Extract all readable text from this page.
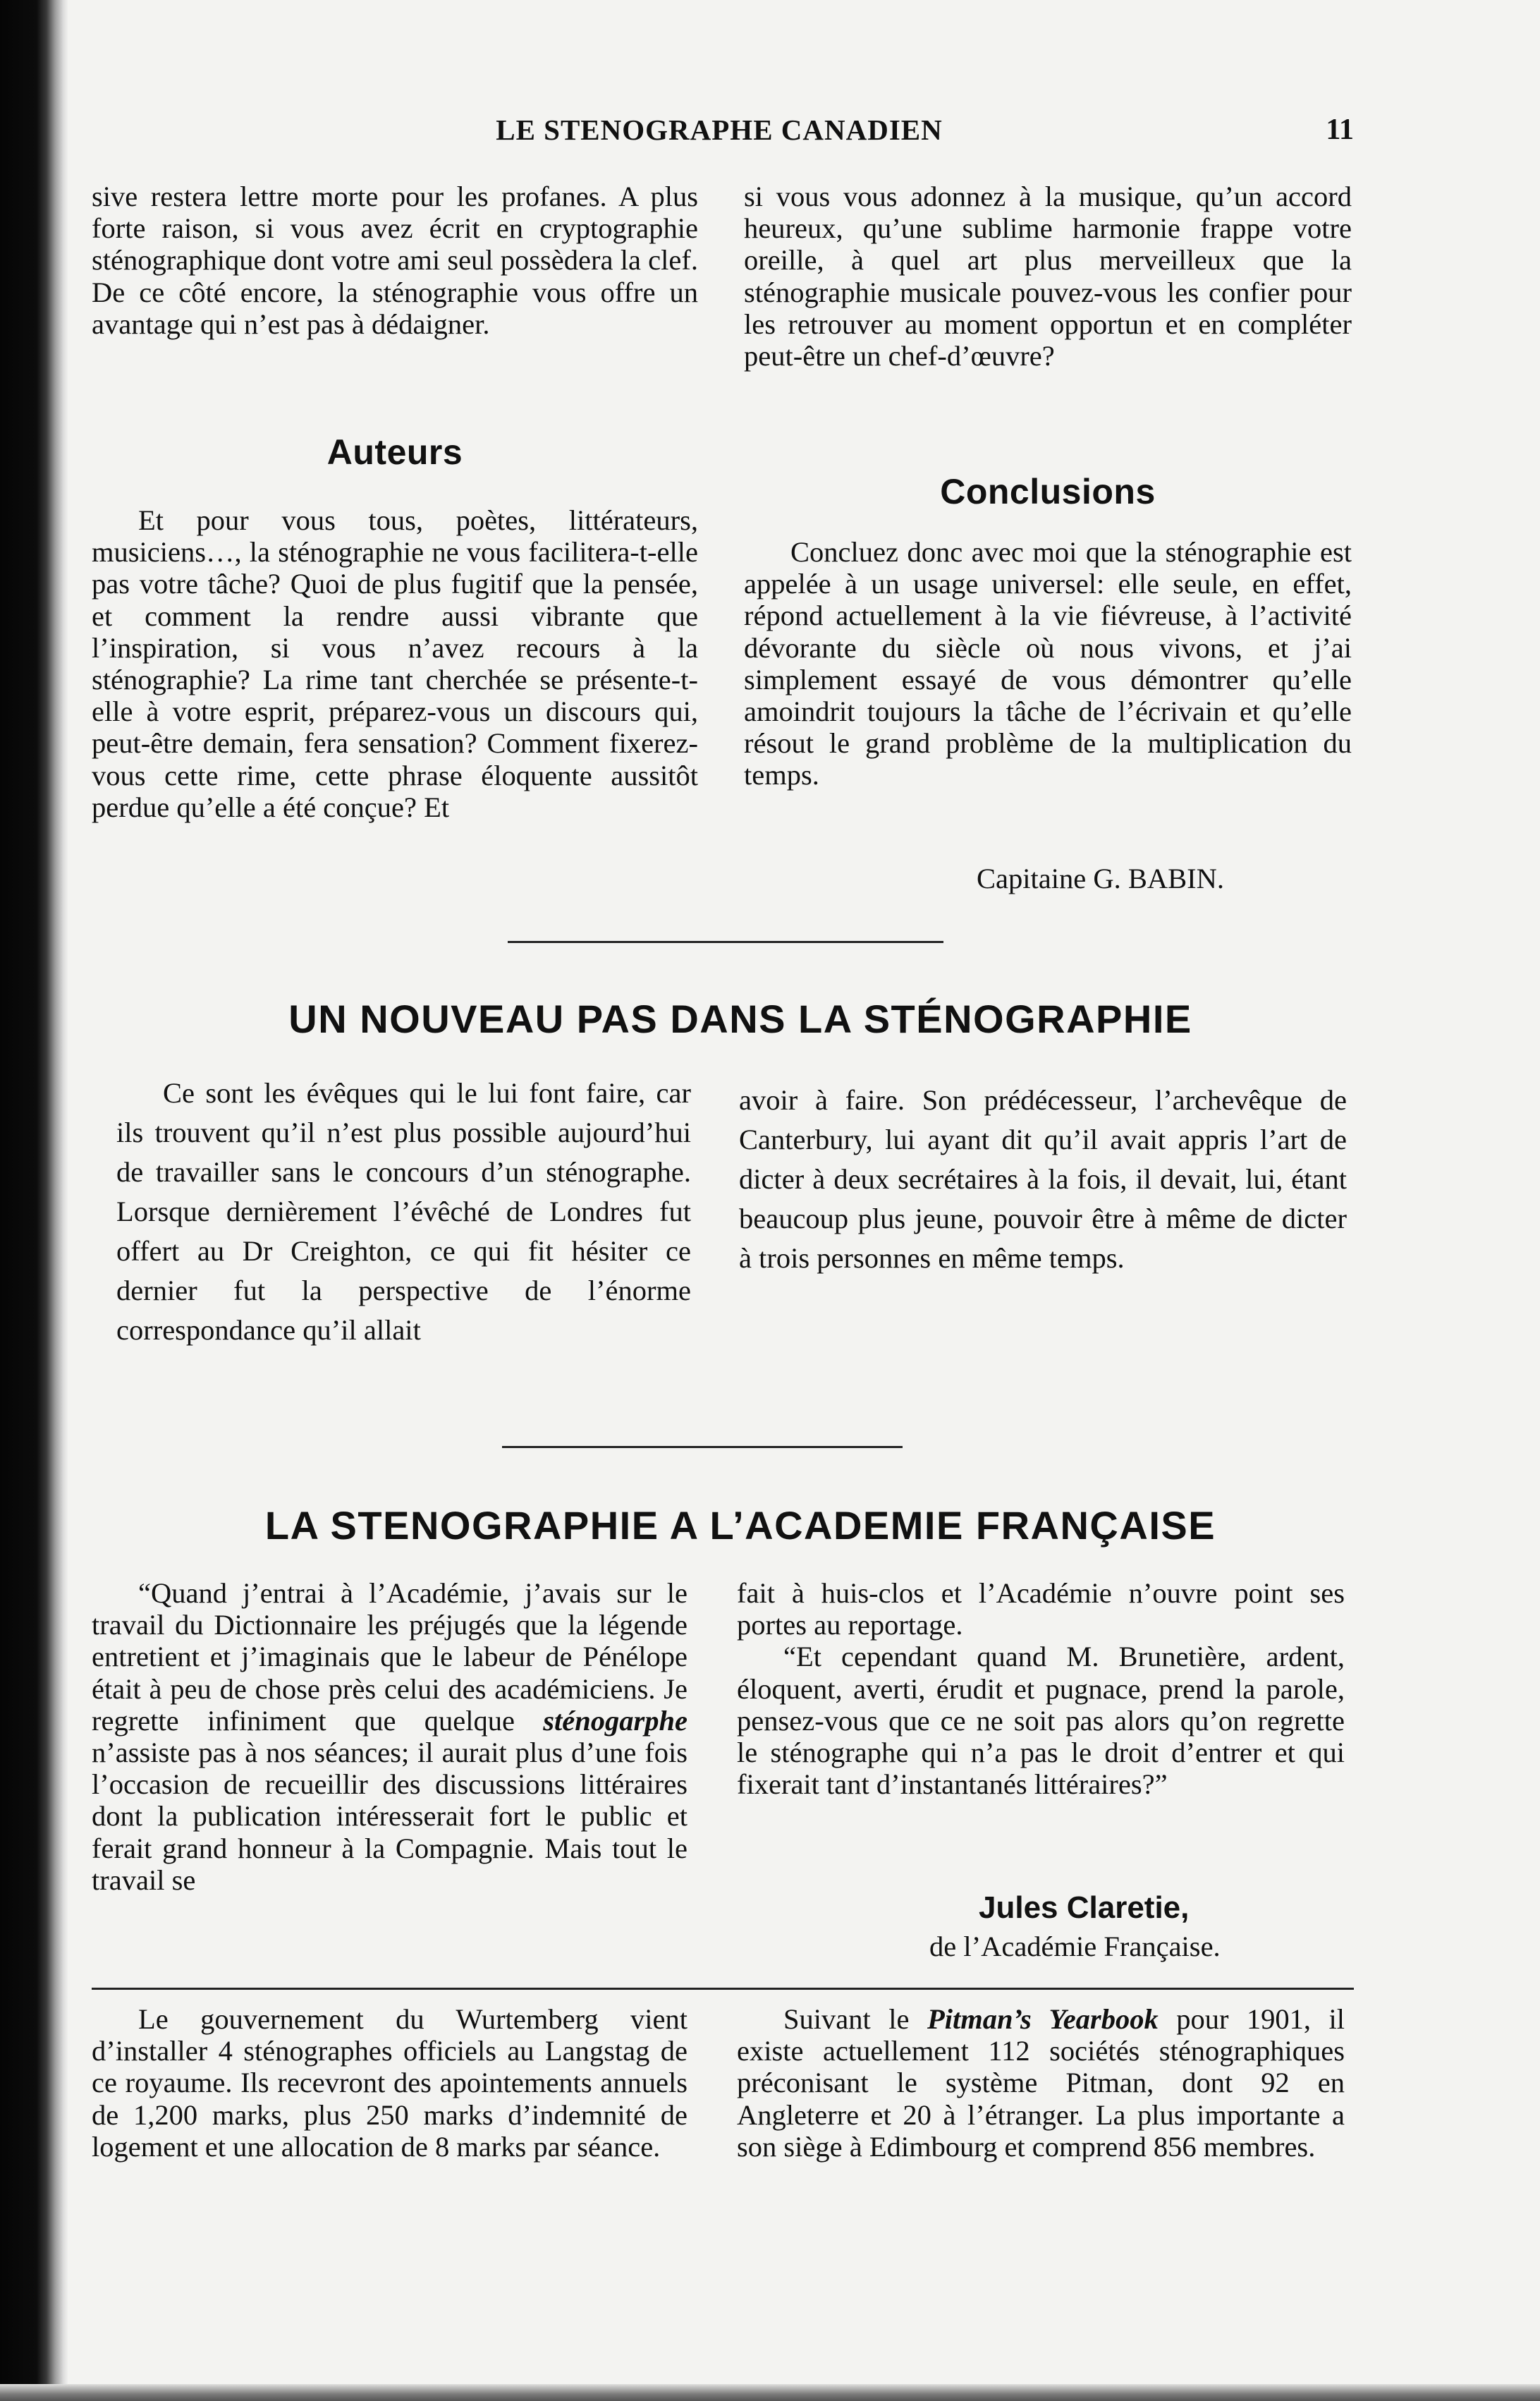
LE STENOGRAPHE CANADIEN	11

sive restera lettre morte pour les profanes. A plus forte raison, si vous avez écrit en cryptographie sténographique dont votre ami seul possèdera la clef. De ce côté encore, la sténographie vous offre un avantage qui n’est pas à dédaigner.

Auteurs

Et pour vous tous, poètes, littérateurs, musiciens…, la sténographie ne vous facilitera-t-elle pas votre tâche? Quoi de plus fugitif que la pensée, et comment la rendre aussi vibrante que l’inspiration, si vous n’avez recours à la sténographie? La rime tant cherchée se présente-t-elle à votre esprit, préparez-vous un discours qui, peut-être demain, fera sensation? Comment fixerez-vous cette rime, cette phrase éloquente aussitôt perdue qu’elle a été conçue? Et

si vous vous adonnez à la musique, qu’un accord heureux, qu’une sublime harmonie frappe votre oreille, à quel art plus merveilleux que la sténographie musicale pouvez-vous les confier pour les retrouver au moment opportun et en compléter peut-être un chef-d’œuvre?

Conclusions

Concluez donc avec moi que la sténographie est appelée à un usage universel: elle seule, en effet, répond actuellement à la vie fiévreuse, à l’activité dévorante du siècle où nous vivons, et j’ai simplement essayé de vous démontrer qu’elle amoindrit toujours la tâche de l’écrivain et qu’elle résout le grand problème de la multiplication du temps.

Capitaine G. BABIN.
UN NOUVEAU PAS DANS LA STÉNOGRAPHIE

Ce sont les évêques qui le lui font faire, car ils trouvent qu’il n’est plus possible aujourd’hui de travailler sans le concours d’un sténographe. Lorsque dernièrement l’évêché de Londres fut offert au Dr Creighton, ce qui fit hésiter ce dernier fut la perspective de l’énorme correspondance qu’il allait

avoir à faire. Son prédécesseur, l’archevêque de Canterbury, lui ayant dit qu’il avait appris l’art de dicter à deux secrétaires à la fois, il devait, lui, étant beaucoup plus jeune, pouvoir être à même de dicter à trois personnes en même temps.

LA STENOGRAPHIE A L’ACADEMIE FRANÇAISE

“Quand j’entrai à l’Académie, j’avais sur le travail du Dictionnaire les préjugés que la légende entretient et j’imaginais que le labeur de Pénélope était à peu de chose près celui des académiciens. Je regrette infiniment que quelque sténogarphe n’assiste pas à nos séances; il aurait plus d’une fois l’occasion de recueillir des discussions littéraires dont la publication intéresserait fort le public et ferait grand honneur à la Compagnie. Mais tout le travail se

fait à huis-clos et l’Académie n’ouvre point ses portes au reportage.

“Et cependant quand M. Brunetière, ardent, éloquent, averti, érudit et pugnace, prend la parole, pensez-vous que ce ne soit pas alors qu’on regrette le sténographe qui n’a pas le droit d’entrer et qui fixerait tant d’instantanés littéraires?”

Jules Claretie,
de l’Académie Française.

Le gouvernement du Wurtemberg vient d’installer 4 sténographes officiels au Langstag de ce royaume. Ils recevront des apointements annuels de 1,200 marks, plus 250 marks d’indemnité de logement et une allocation de 8 marks par séance.

Suivant le Pitman’s Yearbook pour 1901, il existe actuellement 112 sociétés sténographiques préconisant le système Pitman, dont 92 en Angleterre et 20 à l’étranger. La plus importante a son siège à Edimbourg et comprend 856 membres.
